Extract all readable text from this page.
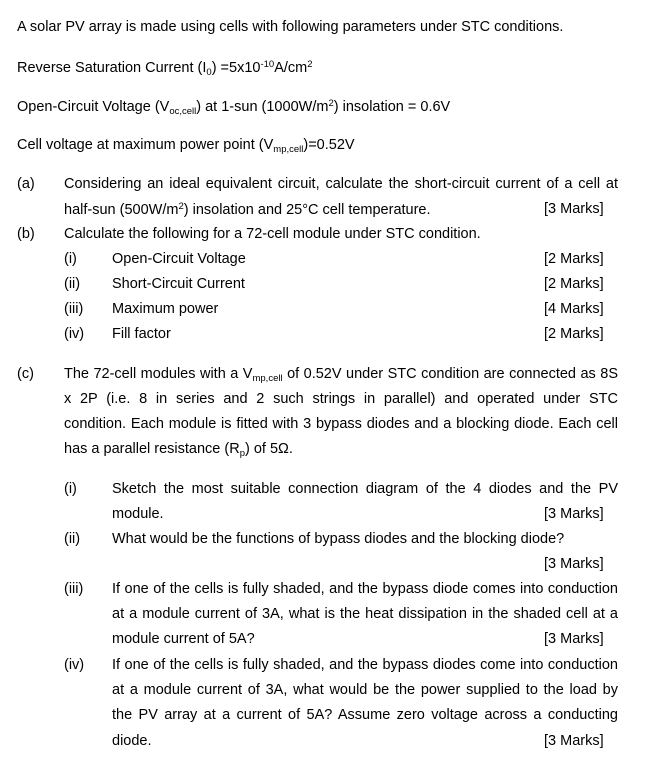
A solar PV array is made using cells with following parameters under STC conditions.
Reverse Saturation Current $(I_0) =5x10^{-10}A/cm^2$
Open-Circuit Voltage $(V_{oc,cell})$ at 1-sun $(1000W/m^2)$ insolation = 0.6V
Cell voltage at maximum power point $(V_{mp,cell})=0.52V$
(a) Considering an ideal equivalent circuit, calculate the short-circuit current of a cell at
half-sun $(500W/m^2)$ insolation and 25°C cell temperature.	[3 Marks]
(b) Calculate the following for a 72-cell module under STC condition.
(i) Open-Circuit Voltage	[2 Marks]
(ii) Short-Circuit Current	[2 Marks]
(iii) Maximum power	[4 Marks]
(iv) Fill factor	[2 Marks]
(c) The 72-cell modules with a $V_{mp,cell}$ of 0.52V under STC condition are connected as 8S
x 2P (i.e. 8 in series and 2 such strings in parallel) and operated under STC
condition. Each module is fitted with 3 bypass diodes and a blocking diode. Each cell
has a parallel resistance $(R_p)$ of 5Ω.
(i) Sketch the most suitable connection diagram of the 4 diodes and the PV
module.	[3 Marks]
(ii) What would be the functions of bypass diodes and the blocking diode?
[3 Marks]
(iii) If one of the cells is fully shaded, and the bypass diode comes into conduction
at a module current of 3A, what is the heat dissipation in the shaded cell at a
module current of 5A?	[3 Marks]
(iv) If one of the cells is fully shaded, and the bypass diodes come into conduction
at a module current of 3A, what would be the power supplied to the load by
the PV array at a current of 5A? Assume zero voltage across a conducting
diode.	[3 Marks]
